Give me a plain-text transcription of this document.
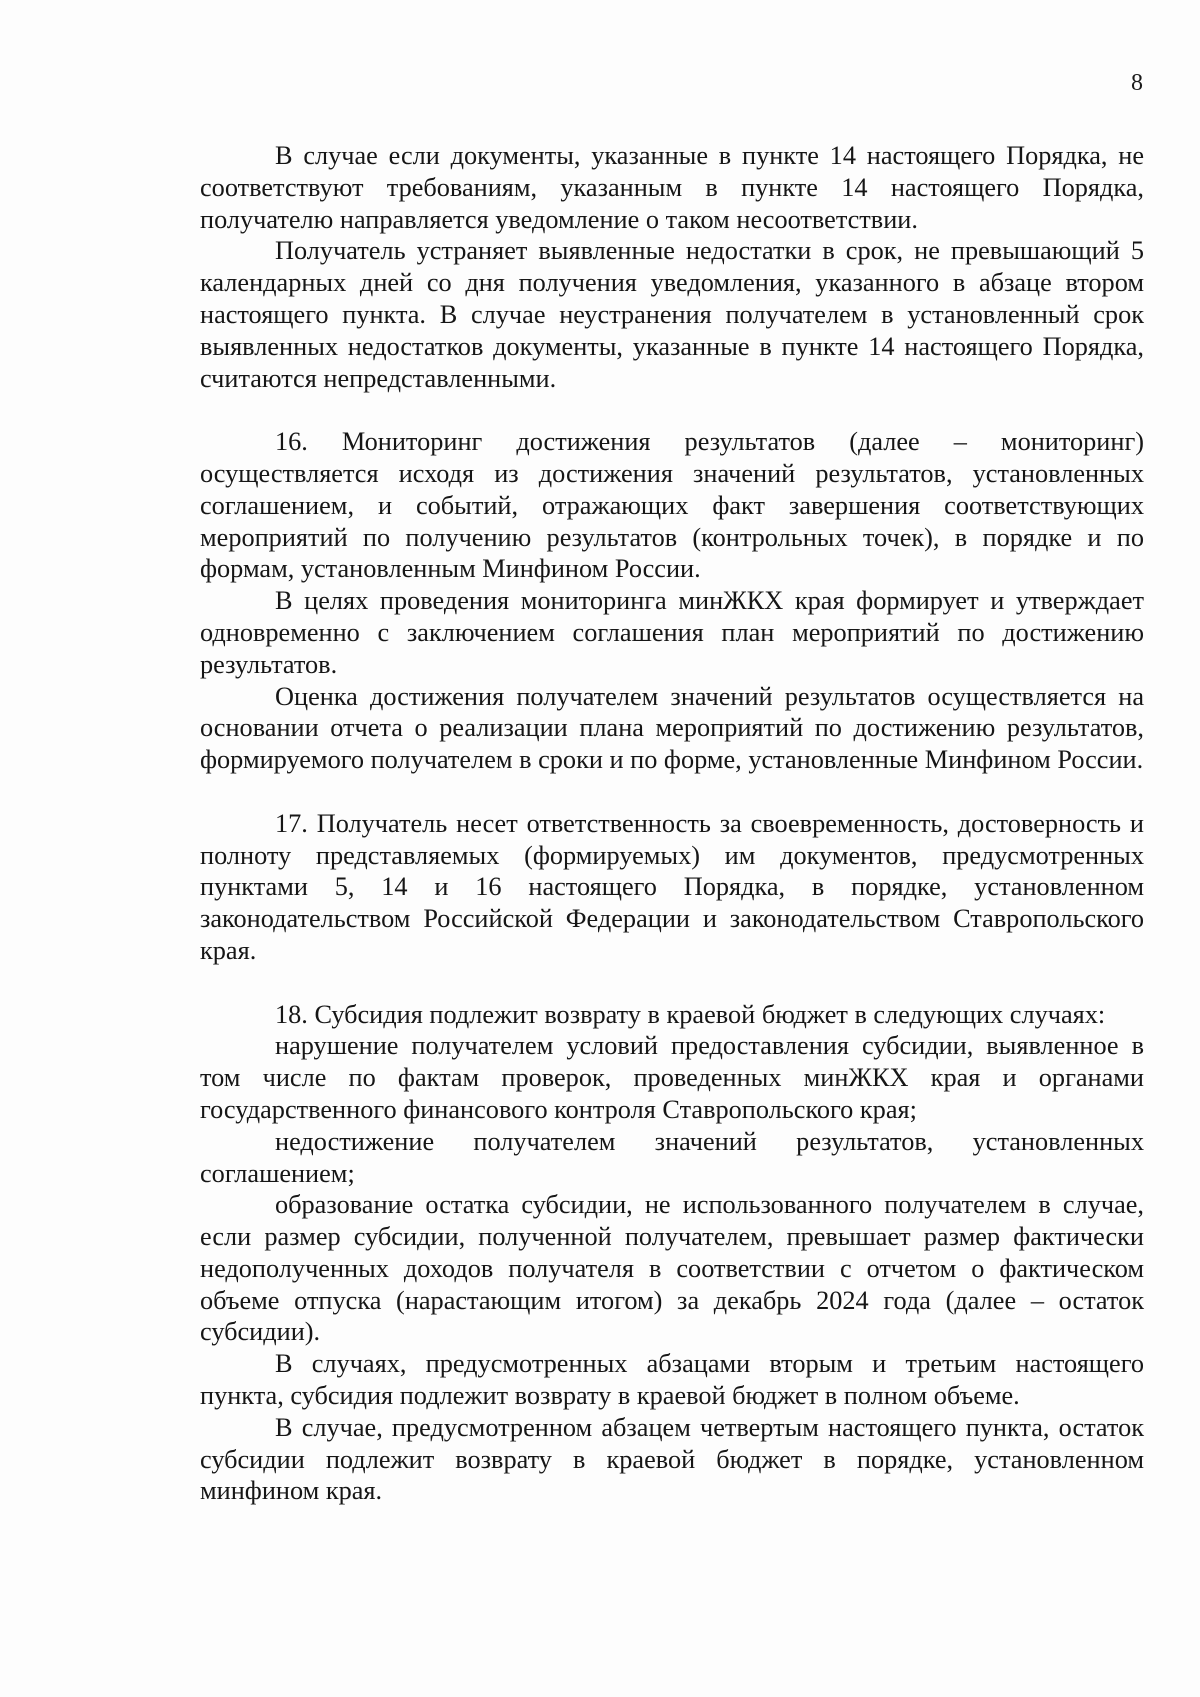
8

В случае если документы, указанные в пункте 14 настоящего Порядка, не соответствуют требованиям, указанным в пункте 14 настоящего Порядка, получателю направляется уведомление о таком несоответствии.

Получатель устраняет выявленные недостатки в срок, не превышающий 5 календарных дней со дня получения уведомления, указанного в абзаце втором настоящего пункта. В случае неустранения получателем в установленный срок выявленных недостатков документы, указанные в пункте 14 настоящего Порядка, считаются непредставленными.

16. Мониторинг достижения результатов (далее – мониторинг) осуществляется исходя из достижения значений результатов, установленных соглашением, и событий, отражающих факт завершения соответствующих мероприятий по получению результатов (контрольных точек), в порядке и по формам, установленным Минфином России.

В целях проведения мониторинга минЖКХ края формирует и утверждает одновременно с заключением соглашения план мероприятий по достижению результатов.

Оценка достижения получателем значений результатов осуществляется на основании отчета о реализации плана мероприятий по достижению результатов, формируемого получателем в сроки и по форме, установленные Минфином России.

17. Получатель несет ответственность за своевременность, достоверность и полноту представляемых (формируемых) им документов, предусмотренных пунктами 5, 14 и 16 настоящего Порядка, в порядке, установленном законодательством Российской Федерации и законодательством Ставропольского края.

18. Субсидия подлежит возврату в краевой бюджет в следующих случаях:

нарушение получателем условий предоставления субсидии, выявленное в том числе по фактам проверок, проведенных минЖКХ края и органами государственного финансового контроля Ставропольского края;

недостижение получателем значений результатов, установленных соглашением;

образование остатка субсидии, не использованного получателем в случае, если размер субсидии, полученной получателем, превышает размер фактически недополученных доходов получателя в соответствии с отчетом о фактическом объеме отпуска (нарастающим итогом) за декабрь 2024 года (далее – остаток субсидии).

В случаях, предусмотренных абзацами вторым и третьим настоящего пункта, субсидия подлежит возврату в краевой бюджет в полном объеме.

В случае, предусмотренном абзацем четвертым настоящего пункта, остаток субсидии подлежит возврату в краевой бюджет в порядке, установленном минфином края.
